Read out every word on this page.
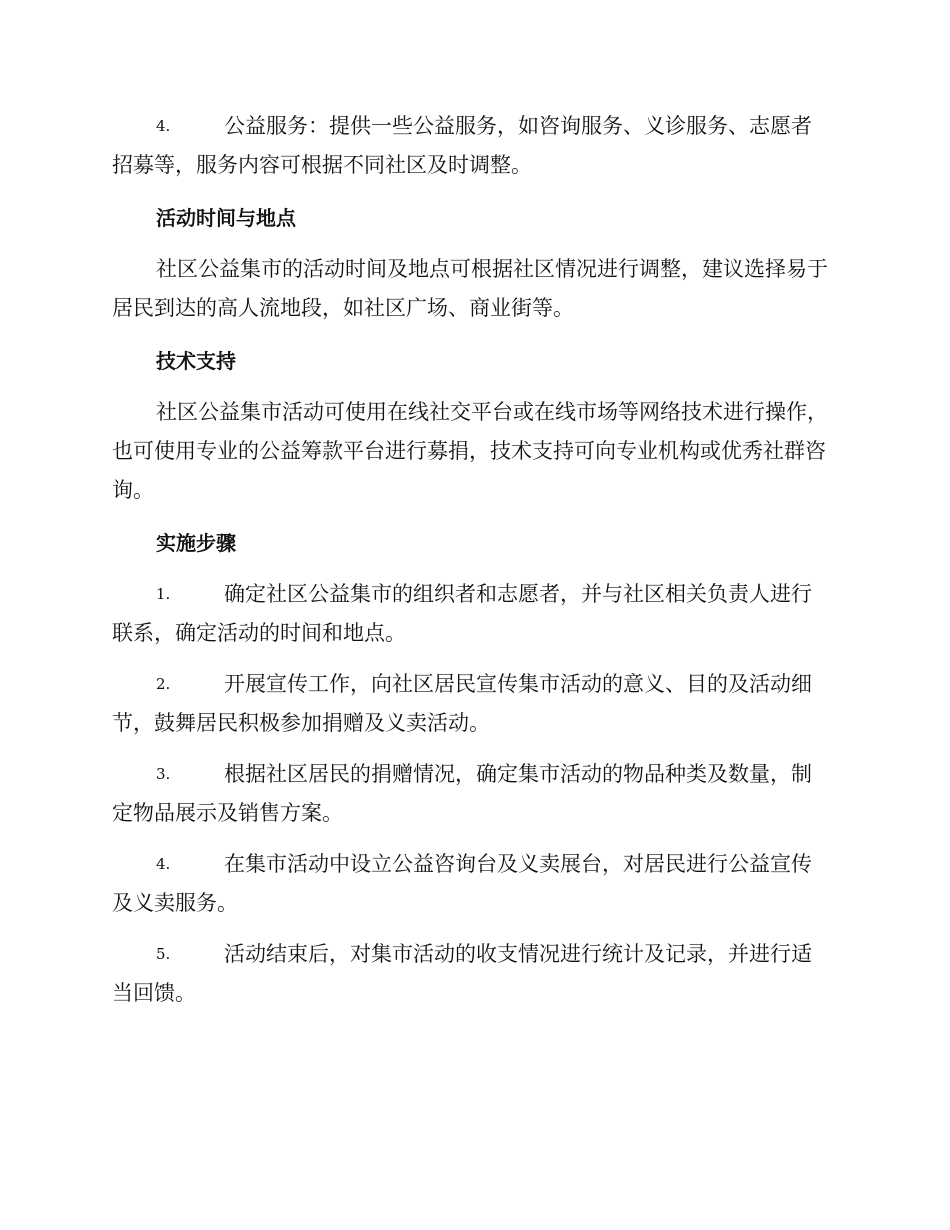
4.	公益服务：提供一些公益服务，如咨询服务、义诊服务、志愿者招募等，服务内容可根据不同社区及时调整。

活动时间与地点

社区公益集市的活动时间及地点可根据社区情况进行调整，建议选择易于居民到达的高人流地段，如社区广场、商业街等。

技术支持

社区公益集市活动可使用在线社交平台或在线市场等网络技术进行操作，也可使用专业的公益筹款平台进行募捐，技术支持可向专业机构或优秀社群咨询。

实施步骤

1.	确定社区公益集市的组织者和志愿者，并与社区相关负责人进行联系，确定活动的时间和地点。

2.	开展宣传工作，向社区居民宣传集市活动的意义、目的及活动细节，鼓舞居民积极参加捐赠及义卖活动。

3.	根据社区居民的捐赠情况，确定集市活动的物品种类及数量，制定物品展示及销售方案。

4.	在集市活动中设立公益咨询台及义卖展台，对居民进行公益宣传及义卖服务。

5.	活动结束后，对集市活动的收支情况进行统计及记录，并进行适当回馈。
